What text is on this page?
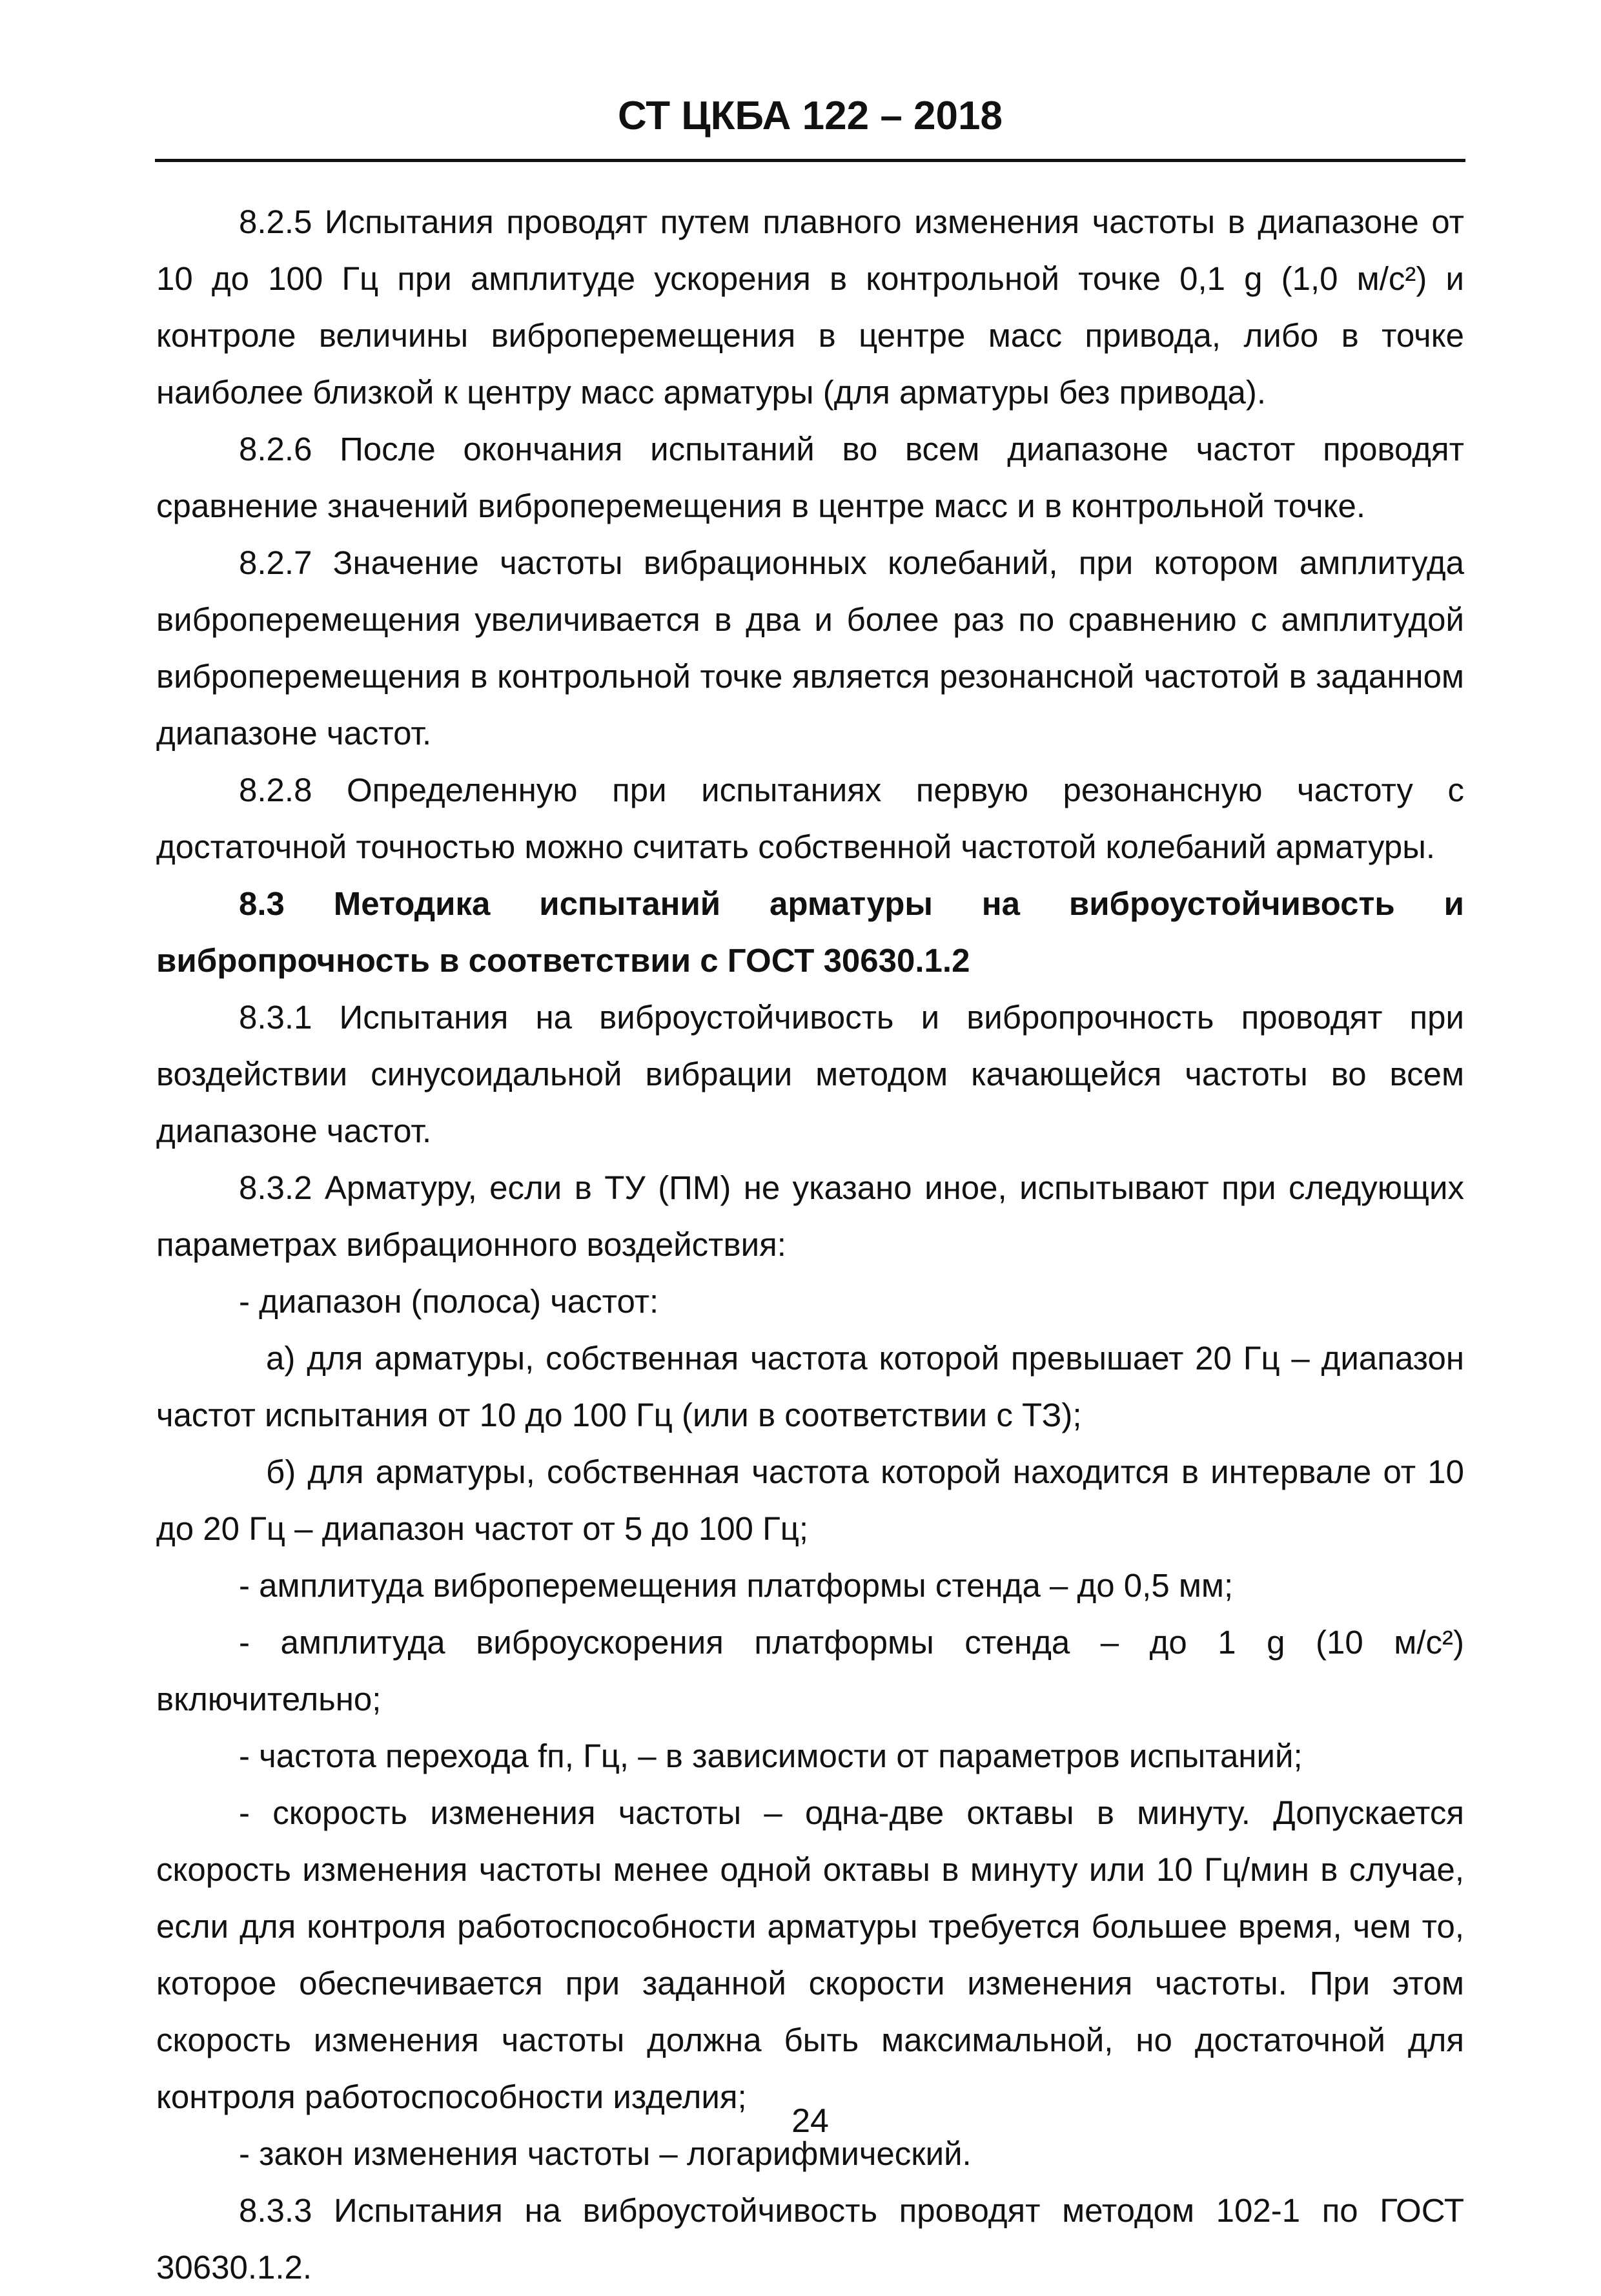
СТ ЦКБА 122 – 2018

8.2.5 Испытания проводят путем плавного изменения частоты в диапазоне от 10 до 100 Гц при амплитуде ускорения в контрольной точке 0,1 g (1,0 м/с²) и контроле величины виброперемещения в центре масс привода, либо в точке наиболее близкой к центру масс арматуры (для арматуры без привода).

8.2.6 После окончания испытаний во всем диапазоне частот проводят сравнение значений виброперемещения в центре масс и в контрольной точке.

8.2.7 Значение частоты вибрационных колебаний, при котором амплитуда виброперемещения увеличивается в два и более раз по сравнению с амплитудой виброперемещения в контрольной точке является резонансной частотой в заданном диапазоне частот.

8.2.8 Определенную при испытаниях первую резонансную частоту с достаточной точностью можно считать собственной частотой колебаний арматуры.

8.3 Методика испытаний арматуры на виброустойчивость и вибропрочность в соответствии с ГОСТ 30630.1.2

8.3.1 Испытания на виброустойчивость и вибропрочность проводят при воздействии синусоидальной вибрации методом качающейся частоты во всем диапазоне частот.

8.3.2 Арматуру, если в ТУ (ПМ) не указано иное, испытывают при следующих параметрах вибрационного воздействия:

- диапазон (полоса) частот:

а) для арматуры, собственная частота которой превышает 20 Гц – диапазон частот испытания от 10 до 100 Гц (или в соответствии с ТЗ);

б) для арматуры, собственная частота которой находится в интервале от 10 до 20 Гц – диапазон частот от 5 до 100 Гц;

- амплитуда виброперемещения платформы стенда – до 0,5 мм;

- амплитуда виброускорения платформы стенда – до 1 g (10 м/с²) включительно;

- частота перехода fп, Гц, – в зависимости от параметров испытаний;

- скорость изменения частоты – одна-две октавы в минуту. Допускается скорость изменения частоты менее одной октавы в минуту или 10 Гц/мин в случае, если для контроля работоспособности арматуры требуется большее время, чем то, которое обеспечивается при заданной скорости изменения частоты. При этом скорость изменения частоты должна быть максимальной, но достаточной для контроля работоспособности изделия;

- закон изменения частоты – логарифмический.

8.3.3 Испытания на виброустойчивость проводят методом 102-1 по ГОСТ 30630.1.2.

24
